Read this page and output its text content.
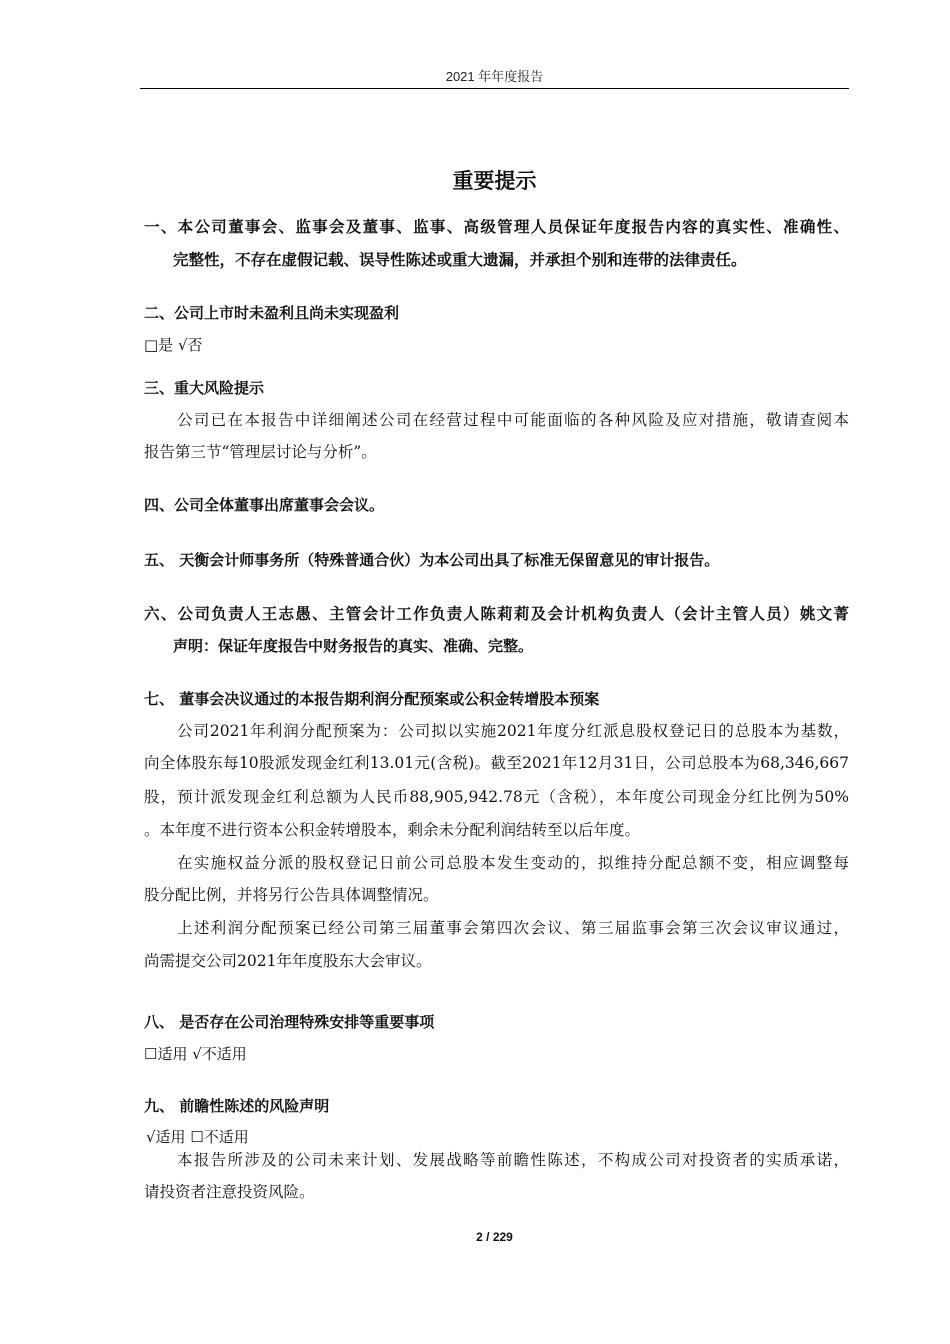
2021 年年度报告
重要提示
一、本公司董事会、监事会及董事、监事、高级管理人员保证年度报告内容的真实性、准确性、
完整性，不存在虚假记载、误导性陈述或重大遗漏，并承担个别和连带的法律责任。
二、公司上市时未盈利且尚未实现盈利
□是 √否
三、重大风险提示
公司已在本报告中详细阐述公司在经营过程中可能面临的各种风险及应对措施，敬请查阅本
报告第三节“管理层讨论与分析”。
四、公司全体董事出席董事会会议。
五、 天衡会计师事务所（特殊普通合伙）为本公司出具了标准无保留意见的审计报告。
六、公司负责人王志愚、主管会计工作负责人陈莉莉及会计机构负责人（会计主管人员）姚文菁
声明：保证年度报告中财务报告的真实、准确、完整。
七、 董事会决议通过的本报告期利润分配预案或公积金转增股本预案
公司2021年利润分配预案为：公司拟以实施2021年度分红派息股权登记日的总股本为基数，
向全体股东每10股派发现金红利13.01元(含税)。截至2021年12月31日，公司总股本为68,346,667
股，预计派发现金红利总额为人民币88,905,942.78元（含税），本年度公司现金分红比例为50%
。本年度不进行资本公积金转增股本，剩余未分配利润结转至以后年度。
在实施权益分派的股权登记日前公司总股本发生变动的，拟维持分配总额不变，相应调整每
股分配比例，并将另行公告具体调整情况。
上述利润分配预案已经公司第三届董事会第四次会议、第三届监事会第三次会议审议通过，
尚需提交公司2021年年度股东大会审议。
八、 是否存在公司治理特殊安排等重要事项
☐适用 √不适用
九、 前瞻性陈述的风险声明
√适用 ☐不适用
本报告所涉及的公司未来计划、发展战略等前瞻性陈述，不构成公司对投资者的实质承诺，
请投资者注意投资风险。
2 / 229
